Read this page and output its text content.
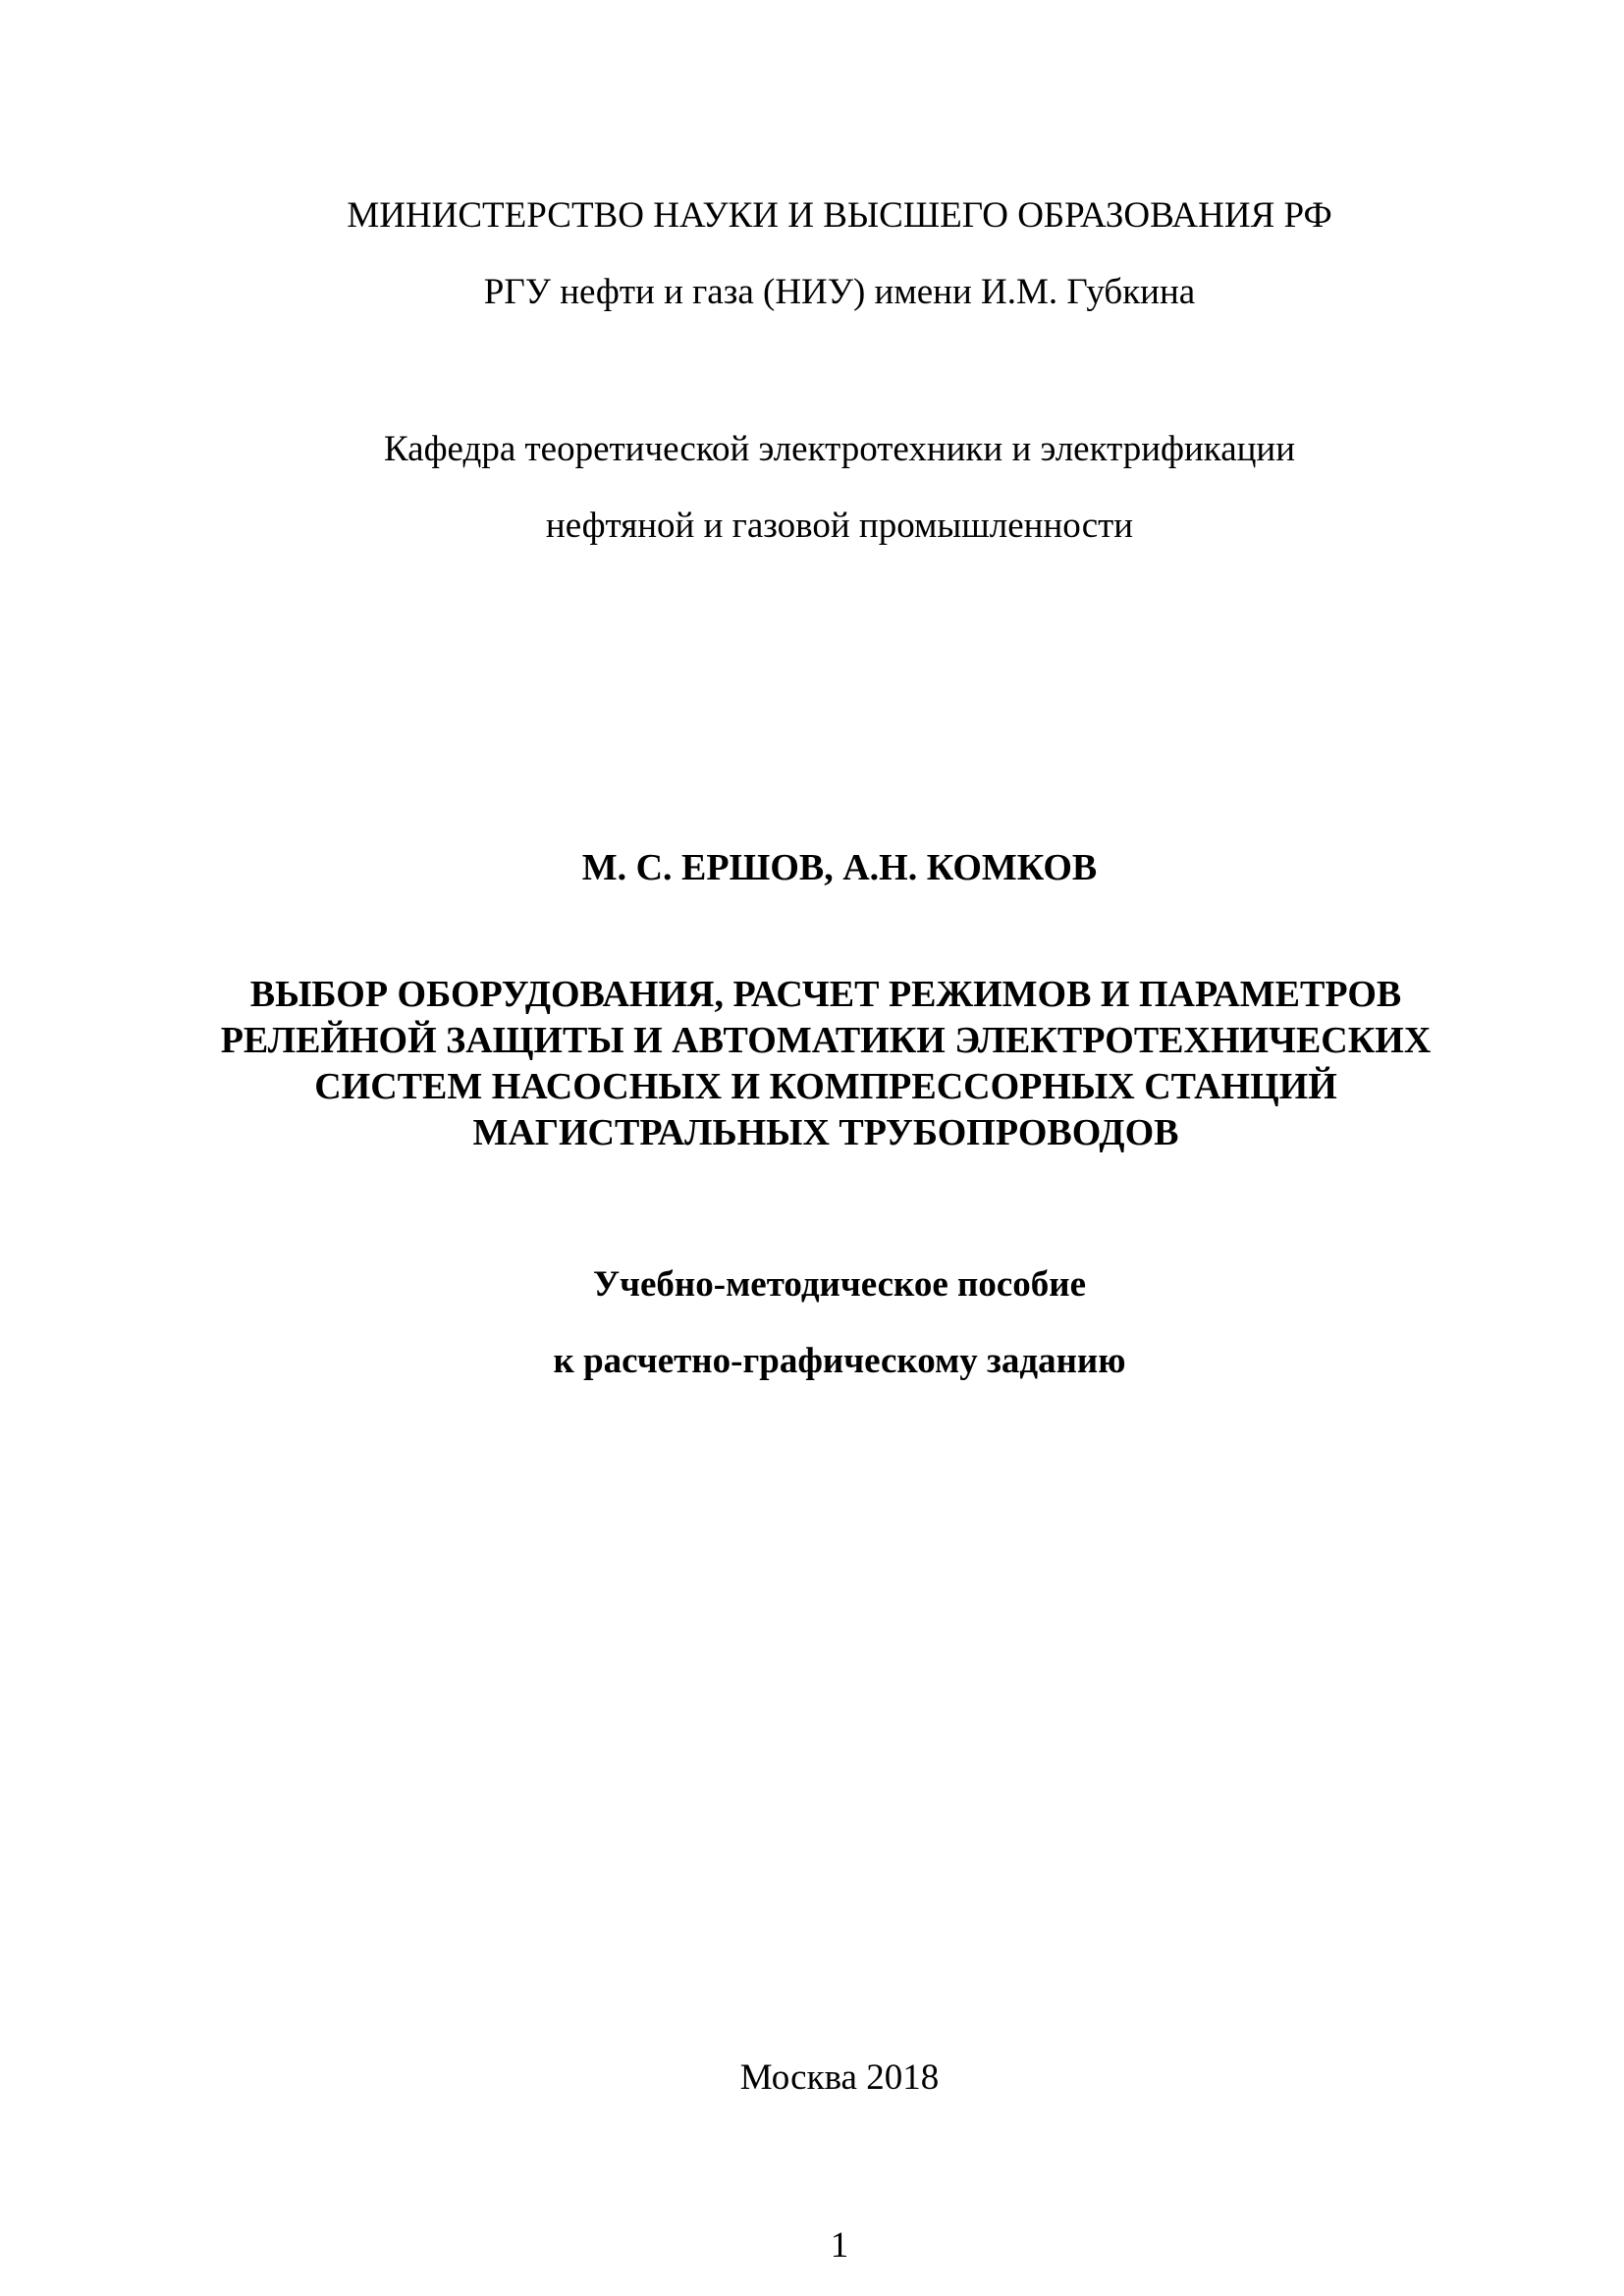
МИНИСТЕРСТВО НАУКИ И ВЫСШЕГО ОБРАЗОВАНИЯ РФ
РГУ нефти и газа (НИУ) имени И.М. Губкина
Кафедра теоретической электротехники и электрификации
нефтяной и газовой промышленности
М. С. ЕРШОВ, А.Н. КОМКОВ
ВЫБОР ОБОРУДОВАНИЯ, РАСЧЕТ РЕЖИМОВ И ПАРАМЕТРОВ
РЕЛЕЙНОЙ ЗАЩИТЫ И АВТОМАТИКИ ЭЛЕКТРОТЕХНИЧЕСКИХ
СИСТЕМ НАСОСНЫХ И КОМПРЕССОРНЫХ СТАНЦИЙ
МАГИСТРАЛЬНЫХ ТРУБОПРОВОДОВ
Учебно-методическое пособие
к расчетно-графическому заданию
Москва 2018
1
